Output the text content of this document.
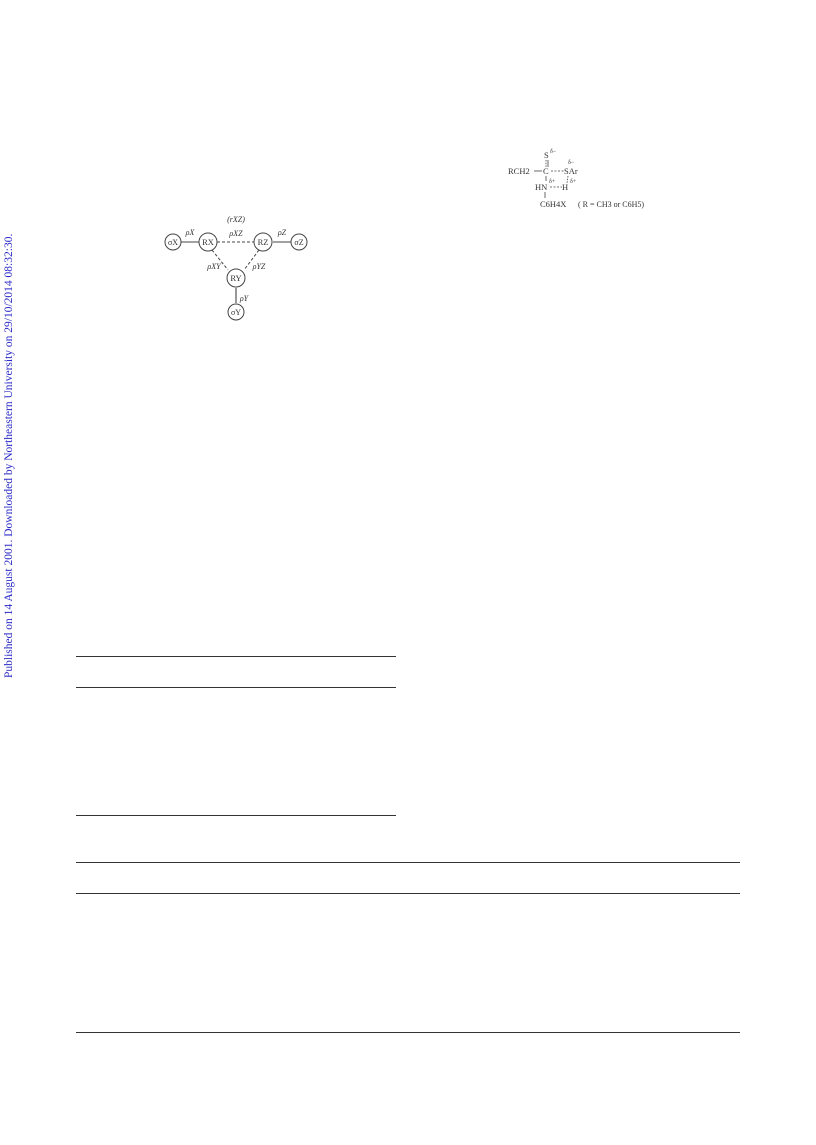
Published on 14 August 2001. Downloaded by Northeastern University on 29/10/2014 08:32:30.	σX	RX	RZ	σZ
RY
σY
ρX
(rXZ)
ρXZ	ρZ
ρXY	ρYZ
ρY
S δ−
RCH2 C SAr
δ−
δ+ δ+
HN H
C6H4X ( R = CH3 or C6H5)
